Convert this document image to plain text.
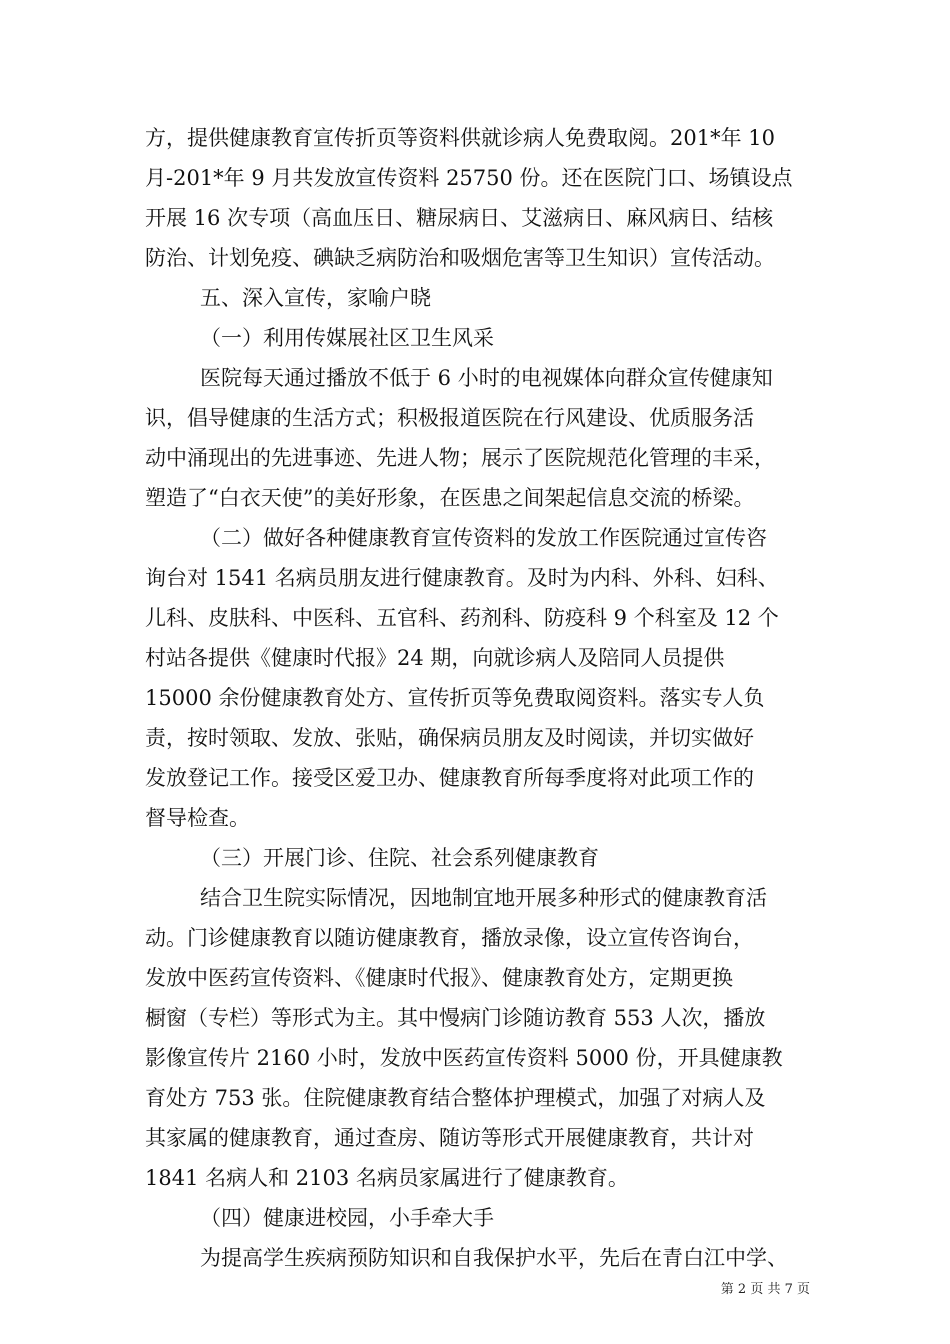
方，提供健康教育宣传折页等资料供就诊病人免费取阅。201*年 10
月-201*年 9 月共发放宣传资料 25750 份。还在医院门口、场镇设点
开展 16 次专项（高血压日、糖尿病日、艾滋病日、麻风病日、结核
防治、计划免疫、碘缺乏病防治和吸烟危害等卫生知识）宣传活动。
五、深入宣传，家喻户晓
（一）利用传媒展社区卫生风采
医院每天通过播放不低于 6 小时的电视媒体向群众宣传健康知
识，倡导健康的生活方式；积极报道医院在行风建设、优质服务活
动中涌现出的先进事迹、先进人物；展示了医院规范化管理的丰采，
塑造了“白衣天使”的美好形象，在医患之间架起信息交流的桥梁。
（二）做好各种健康教育宣传资料的发放工作医院通过宣传咨
询台对 1541 名病员朋友进行健康教育。及时为内科、外科、妇科、
儿科、皮肤科、中医科、五官科、药剂科、防疫科 9 个科室及 12 个
村站各提供《健康时代报》24 期，向就诊病人及陪同人员提供
15000 余份健康教育处方、宣传折页等免费取阅资料。落实专人负
责，按时领取、发放、张贴，确保病员朋友及时阅读，并切实做好
发放登记工作。接受区爱卫办、健康教育所每季度将对此项工作的
督导检查。
（三）开展门诊、住院、社会系列健康教育
结合卫生院实际情况，因地制宜地开展多种形式的健康教育活
动。门诊健康教育以随访健康教育，播放录像，设立宣传咨询台，
发放中医药宣传资料、《健康时代报》、健康教育处方，定期更换
橱窗（专栏）等形式为主。其中慢病门诊随访教育 553 人次，播放
影像宣传片 2160 小时，发放中医药宣传资料 5000 份，开具健康教
育处方 753 张。住院健康教育结合整体护理模式，加强了对病人及
其家属的健康教育，通过查房、随访等形式开展健康教育，共计对
1841 名病人和 2103 名病员家属进行了健康教育。
（四）健康进校园，小手牵大手
为提高学生疾病预防知识和自我保护水平，先后在青白江中学、
第 2 页 共 7 页
